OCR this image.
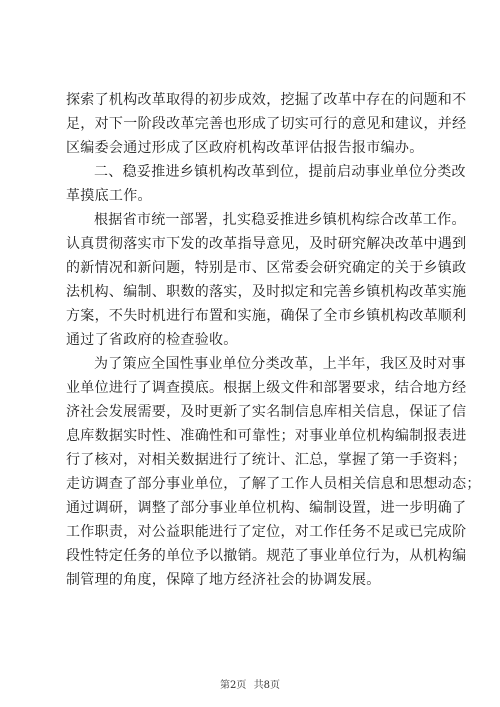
探索了机构改革取得的初步成效，挖掘了改革中存在的问题和不
足，对下一阶段改革完善也形成了切实可行的意见和建议，并经
区编委会通过形成了区政府机构改革评估报告报市编办。
二、稳妥推进乡镇机构改革到位，提前启动事业单位分类改
革摸底工作。
根据省市统一部署，扎实稳妥推进乡镇机构综合改革工作。
认真贯彻落实市下发的改革指导意见，及时研究解决改革中遇到
的新情况和新问题，特别是市、区常委会研究确定的关于乡镇政
法机构、编制、职数的落实，及时拟定和完善乡镇机构改革实施
方案，不失时机进行布置和实施，确保了全市乡镇机构改革顺利
通过了省政府的检查验收。
为了策应全国性事业单位分类改革，上半年，我区及时对事
业单位进行了调查摸底。根据上级文件和部署要求，结合地方经
济社会发展需要，及时更新了实名制信息库相关信息，保证了信
息库数据实时性、准确性和可靠性；对事业单位机构编制报表进
行了核对，对相关数据进行了统计、汇总，掌握了第一手资料；
走访调查了部分事业单位，了解了工作人员相关信息和思想动态；
通过调研，调整了部分事业单位机构、编制设置，进一步明确了
工作职责，对公益职能进行了定位，对工作任务不足或已完成阶
段性特定任务的单位予以撤销。规范了事业单位行为，从机构编
制管理的角度，保障了地方经济社会的协调发展。
第2页 共8页
